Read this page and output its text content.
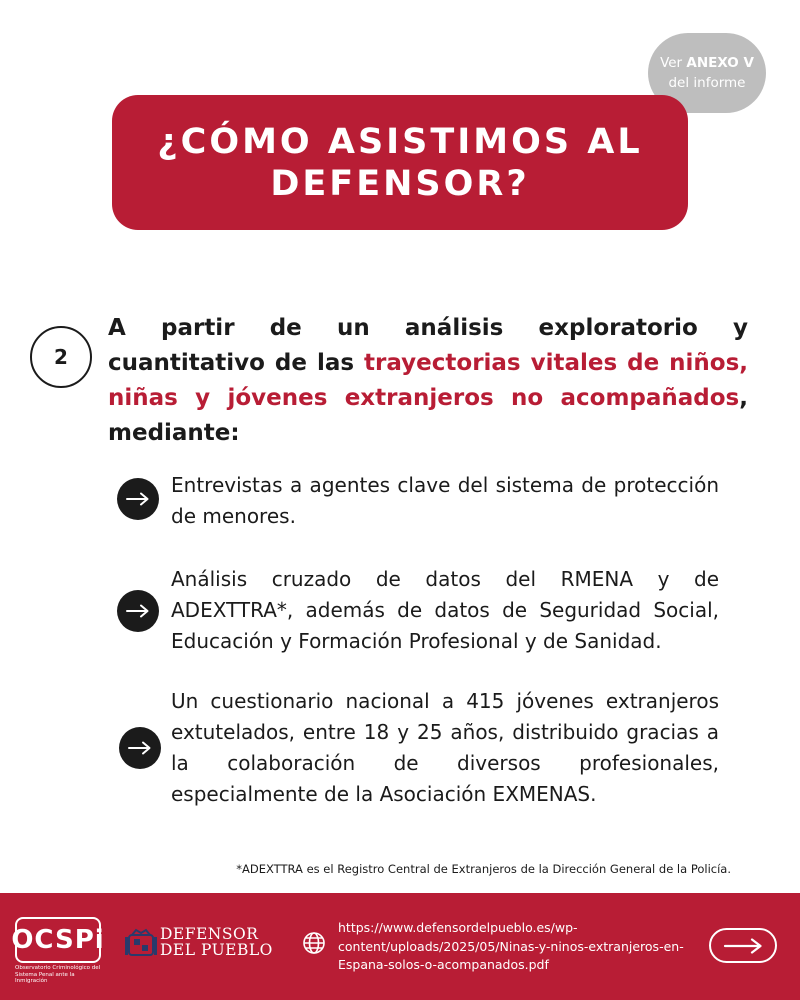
Ver ANEXO V
del informe
¿CÓMO ASISTIMOS AL
DEFENSOR?
2
A partir de un análisis exploratorio y cuantitativo de las trayectorias vitales de niños, niñas y jóvenes extranjeros no acompañados, mediante:
Entrevistas a agentes clave del sistema de protección de menores.
Análisis cruzado de datos del RMENA y de ADEXTTRA*, además de datos de Seguridad Social, Educación y Formación Profesional y de Sanidad.
Un cuestionario nacional a 415 jóvenes extranjeros extutelados, entre 18 y 25 años, distribuido gracias a la colaboración de diversos profesionales, especialmente de la Asociación EXMENAS.
*ADEXTTRA es el Registro Central de Extranjeros de la Dirección General de la Policía.
OCSPi
Observatorio Criminológico del Sistema Penal ante la Inmigración
DEFENSOR
DEL PUEBLO
https://www.defensordelpueblo.es/wp-content/uploads/2025/05/Ninas-y-ninos-extranjeros-en-Espana-solos-o-acompanados.pdf
